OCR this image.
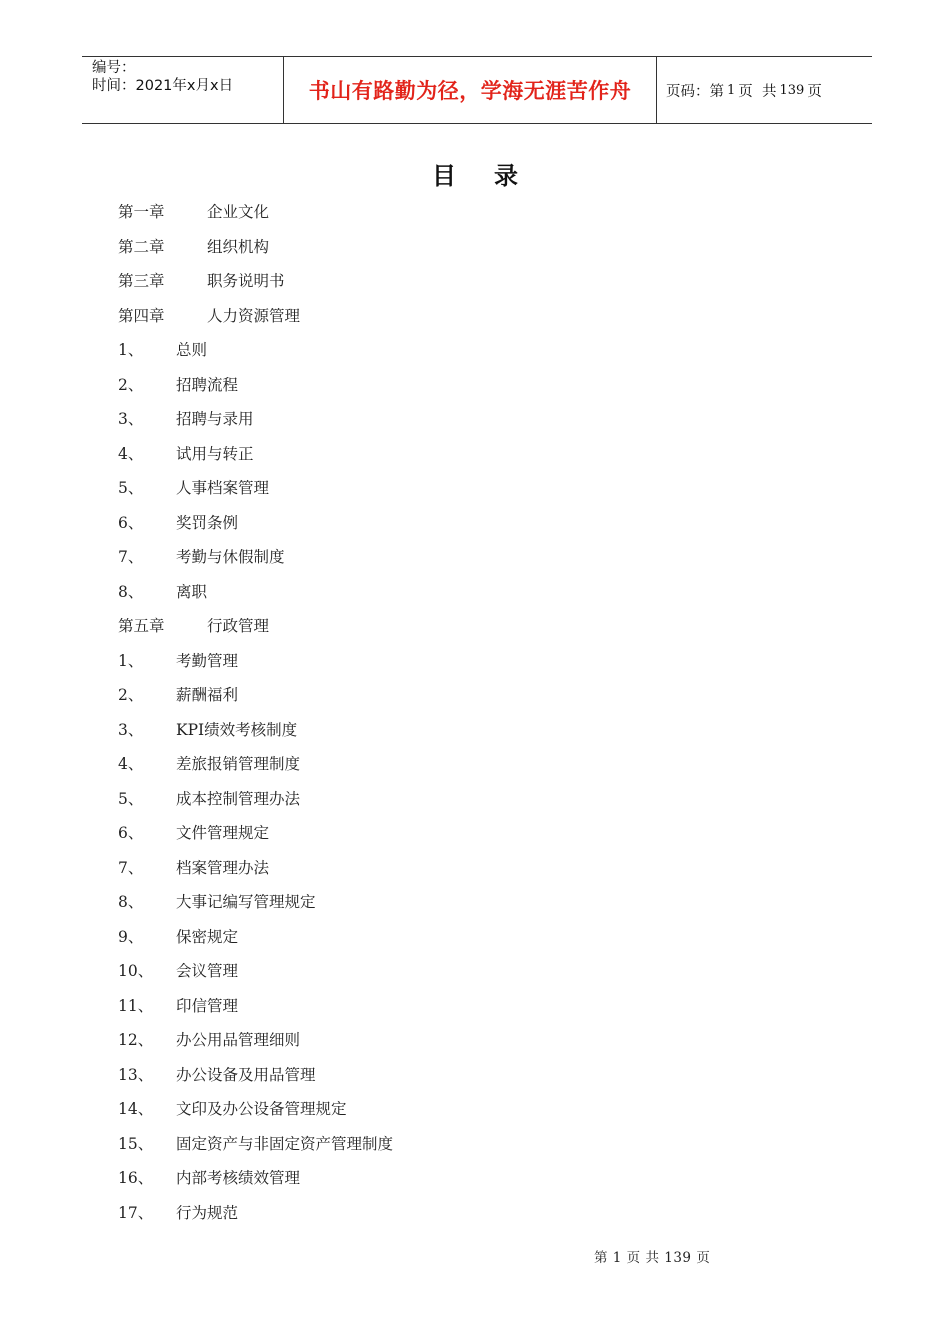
编号：
时间：2021年x月x日	书山有路勤为径，学海无涯苦作舟	页码：第 1 页  共 139 页
目录
第一章	企业文化
第二章	组织机构
第三章	职务说明书
第四章	人力资源管理
1、	总则
2、	招聘流程
3、	招聘与录用
4、	试用与转正
5、	人事档案管理
6、	奖罚条例
7、	考勤与休假制度
8、	离职
第五章	行政管理
1、	考勤管理
2、	薪酬福利
3、	KPI绩效考核制度
4、	差旅报销管理制度
5、	成本控制管理办法
6、	文件管理规定
7、	档案管理办法
8、	大事记编写管理规定
9、	保密规定
10、	会议管理
11、	印信管理
12、	办公用品管理细则
13、	办公设备及用品管理
14、	文印及办公设备管理规定
15、	固定资产与非固定资产管理制度
16、	内部考核绩效管理
17、	行为规范
第 1 页 共 139 页
